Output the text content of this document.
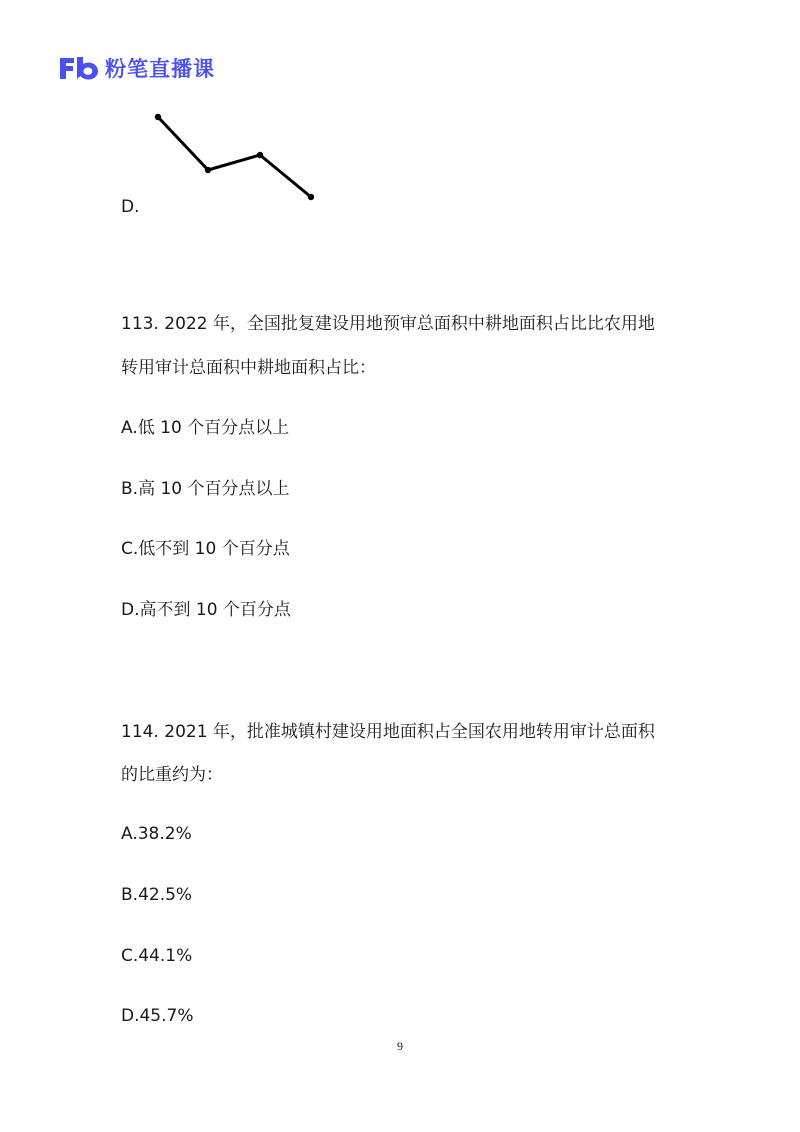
粉笔直播课
D.
113. 2022 年，全国批复建设用地预审总面积中耕地面积占比比农用地
转用审计总面积中耕地面积占比：
A.低 10 个百分点以上
B.高 10 个百分点以上
C.低不到 10 个百分点
D.高不到 10 个百分点
114. 2021 年，批准城镇村建设用地面积占全国农用地转用审计总面积
的比重约为：
A.38.2%
B.42.5%
C.44.1%
D.45.7%
9
